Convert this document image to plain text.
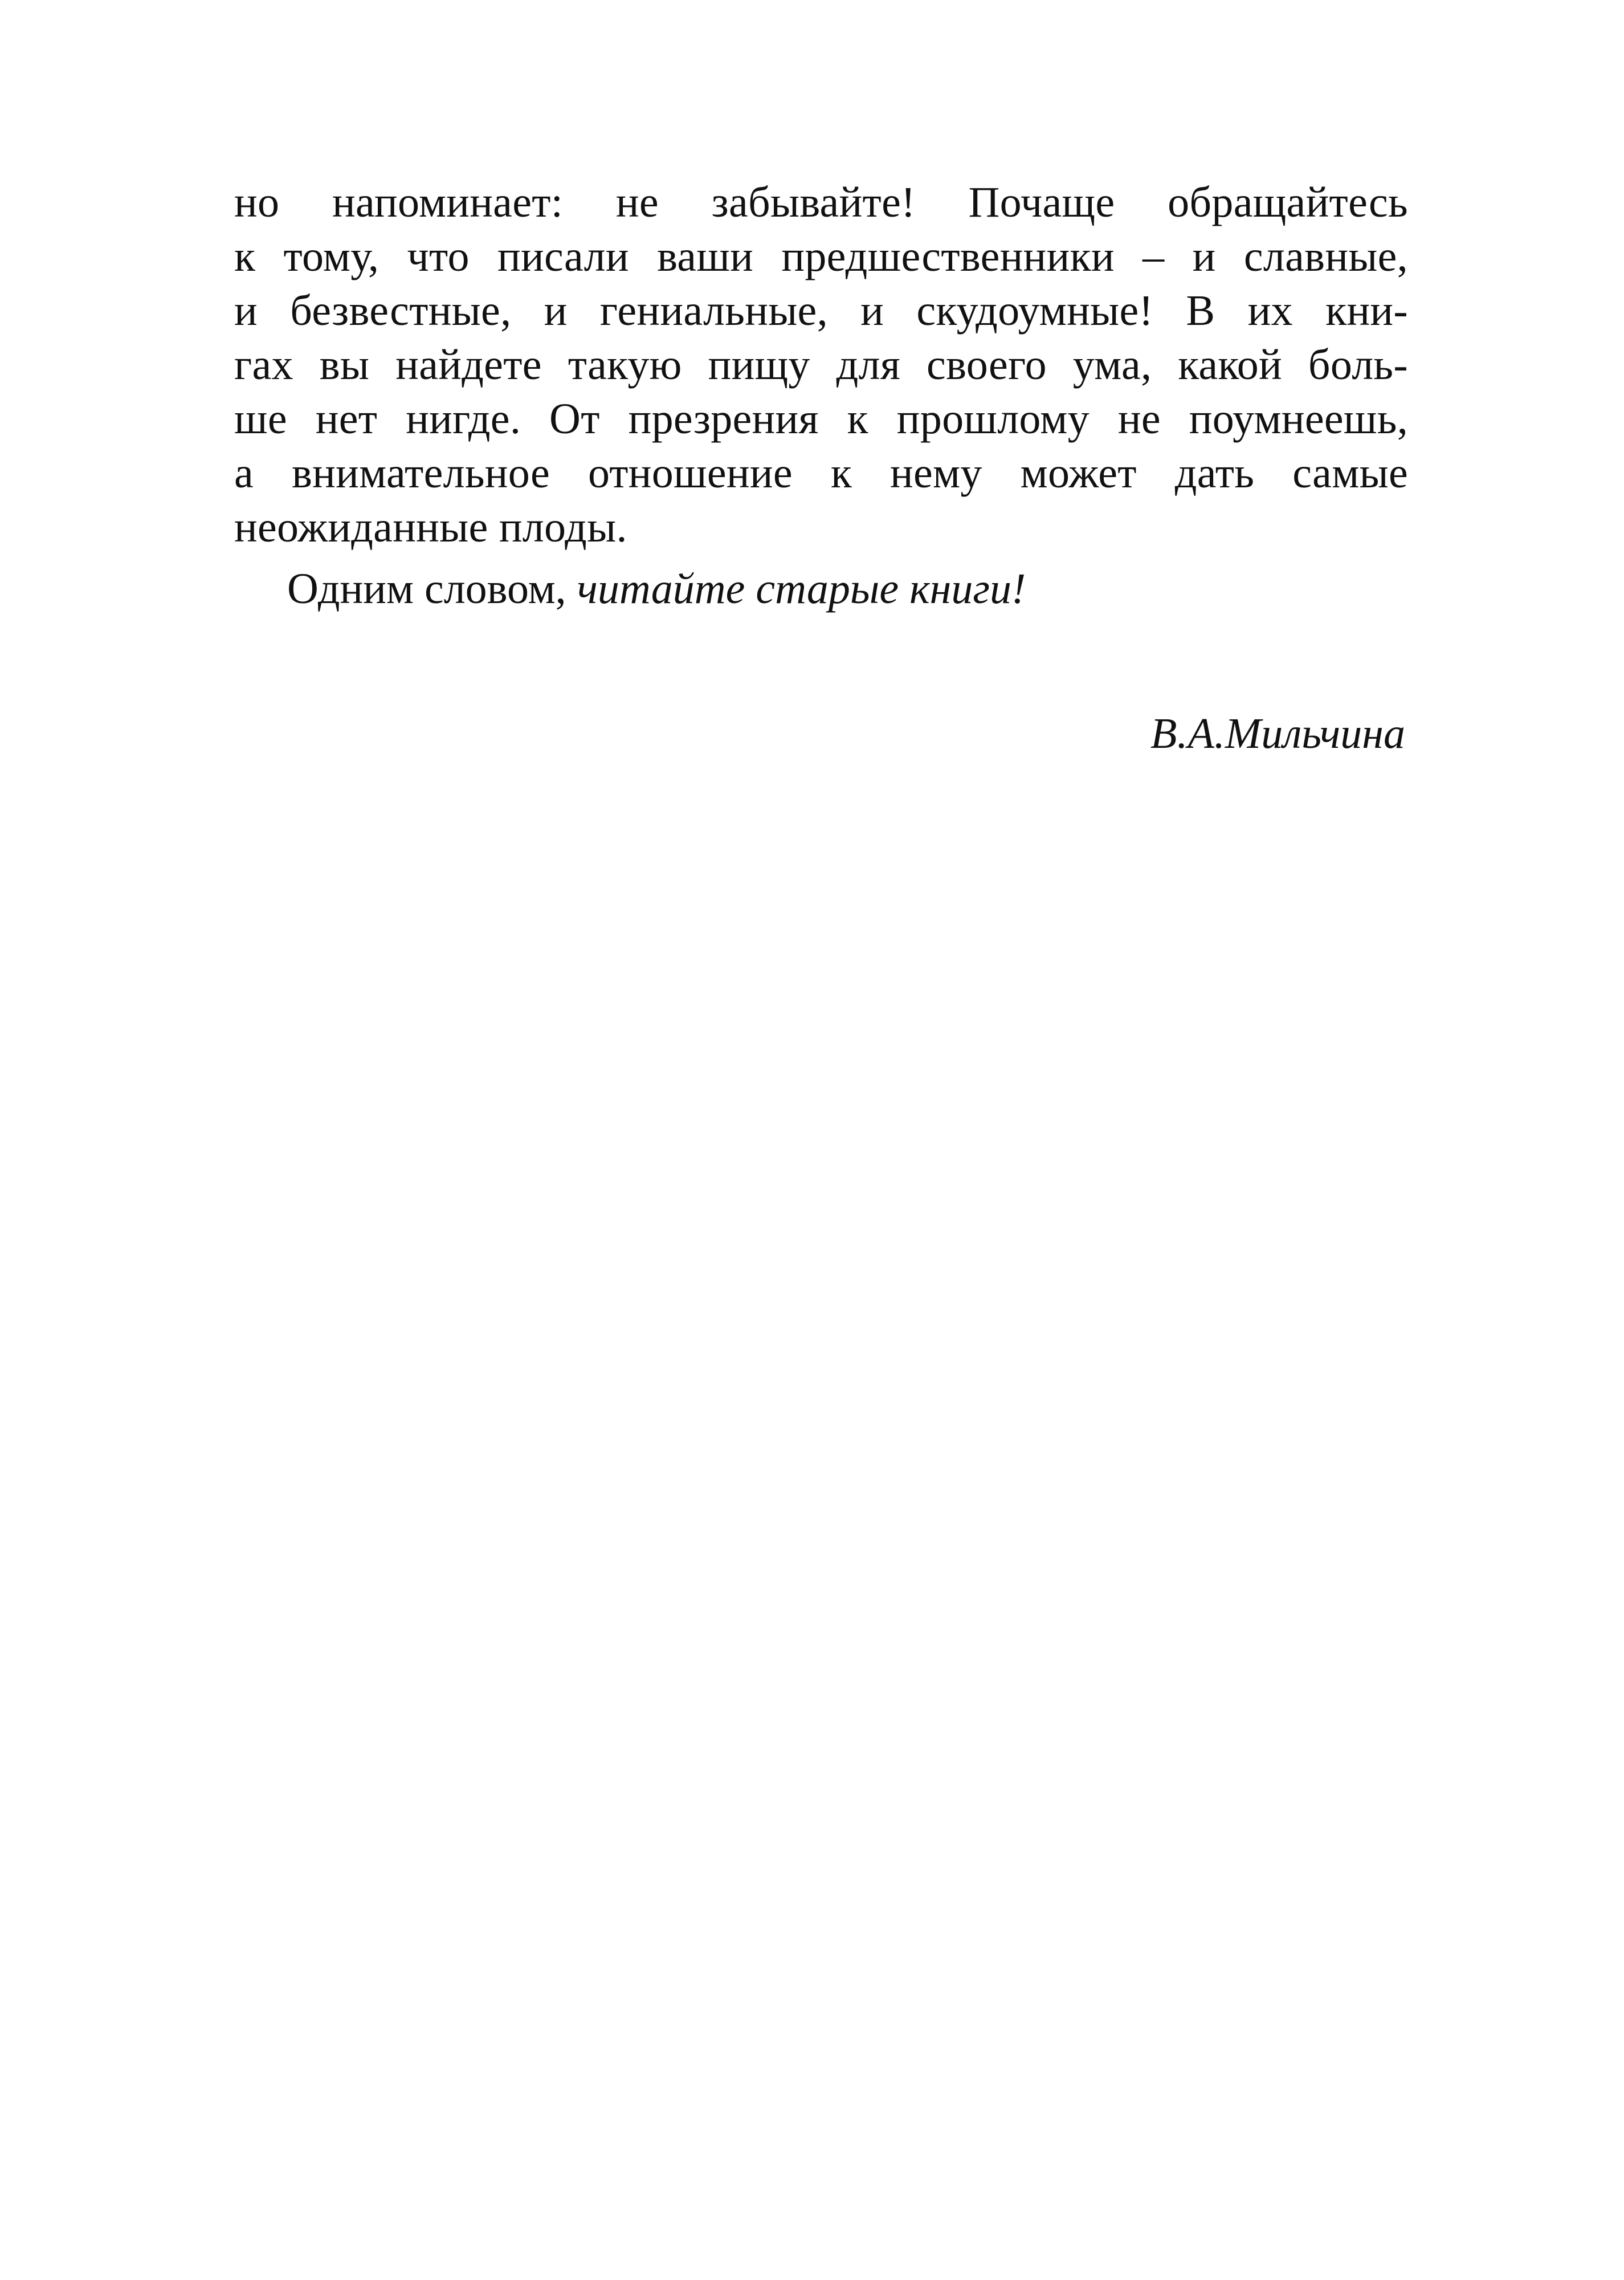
но напоминает: не забывайте! Почаще обращайтесь
к тому, что писали ваши предшественники – и славные,
и безвестные, и гениальные, и скудоумные! В их кни-
гах вы найдете такую пищу для своего ума, какой боль-
ше нет нигде. От презрения к прошлому не поумнеешь,
а внимательное отношение к нему может дать самые
неожиданные плоды.
Одним словом, читайте старые книги!
В.А.Мильчина
